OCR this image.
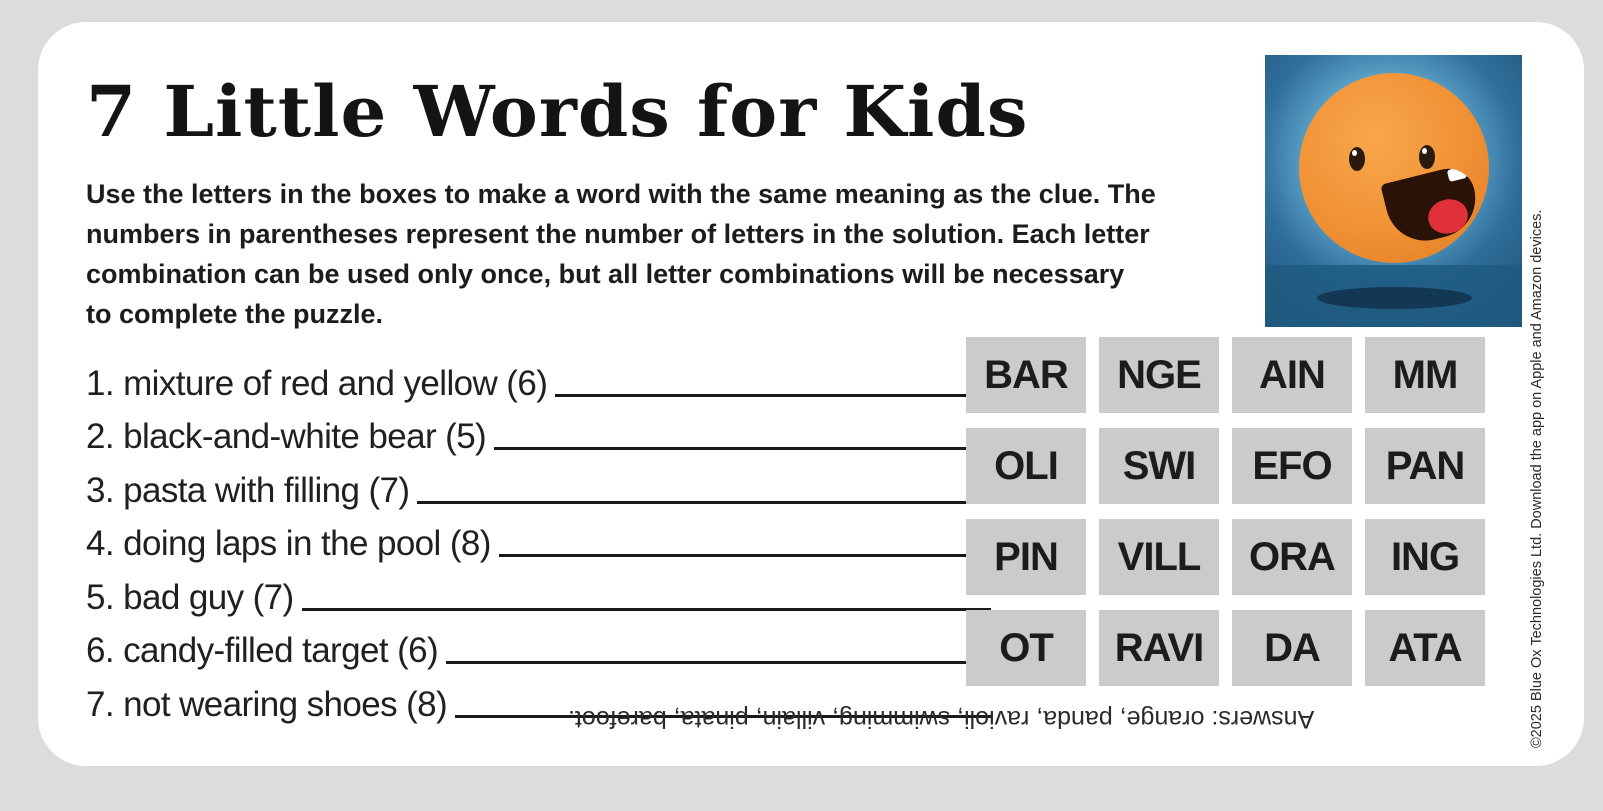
7 Little Words for Kids

Use the letters in the boxes to make a word with the same meaning as the clue. The numbers in parentheses represent the number of letters in the solution. Each letter combination can be used only once, but all letter combinations will be necessary to complete the puzzle.

1. mixture of red and yellow (6)
2. black-and-white bear (5)
3. pasta with filling (7)
4. doing laps in the pool (8)
5. bad guy (7)
6. candy-filled target (6)
7. not wearing shoes (8)
BAR	NGE	AIN	MM
OLI	SWI	EFO	PAN
PIN	VILL	ORA	ING
OT	RAVI	DA	ATA

Answers: orange, panda, ravioli, swimming, villain, pinata, barefoot.	©2025 Blue Ox Technologies Ltd. Download the app on Apple and Amazon devices.
